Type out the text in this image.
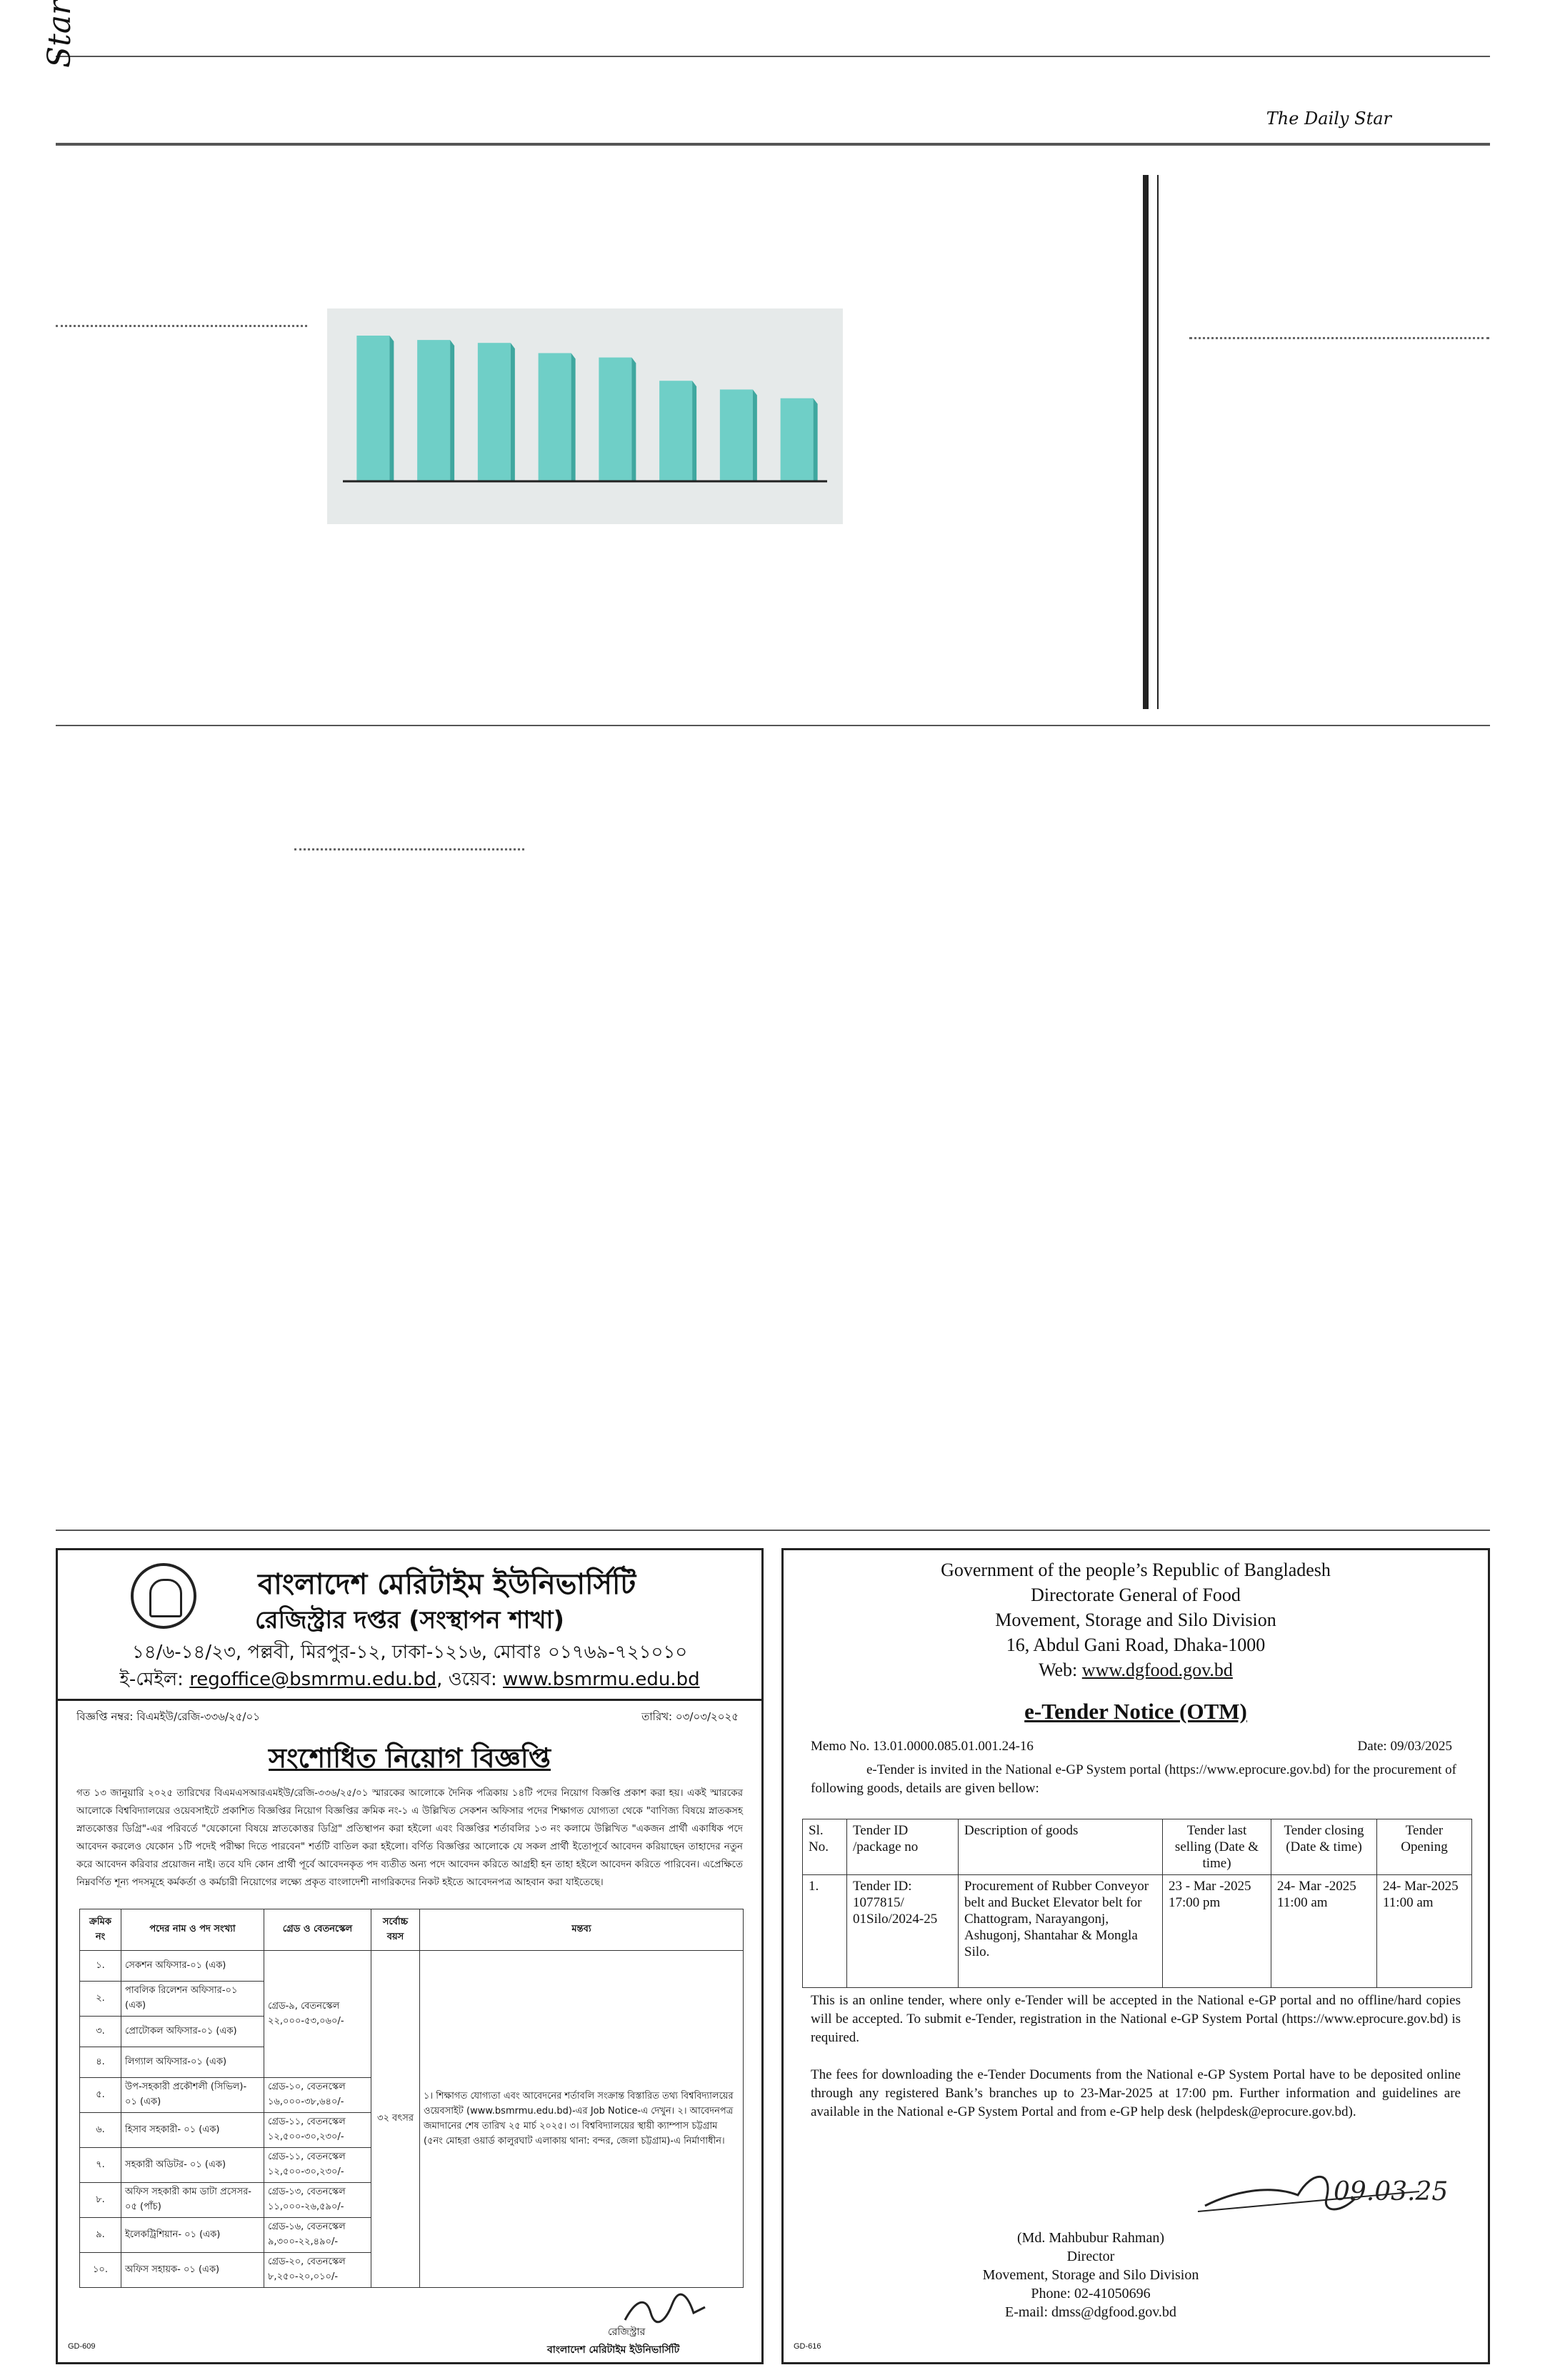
Star
The Daily Star
বাংলাদেশ মেরিটাইম ইউনিভার্সিটি
রেজিস্ট্রার দপ্তর (সংস্থাপন শাখা)
১৪/৬-১৪/২৩, পল্লবী, মিরপুর-১২, ঢাকা-১২১৬, মোবাঃ ০১৭৬৯-৭২১০১০
ই-মেইল: regoffice@bsmrmu.edu.bd, ওয়েব: www.bsmrmu.edu.bd
বিজ্ঞপ্তি নম্বর: বিএমইউ/রেজি-৩৩৬/২৫/০১	তারিখ: ০৩/০৩/২০২৫
সংশোধিত নিয়োগ বিজ্ঞপ্তি
গত ১৩ জানুয়ারি ২০২৫ তারিখের বিএমএসআরএমইউ/রেজি-৩৩৬/২৫/০১ স্মারকের আলোকে দৈনিক পত্রিকায় ১৪টি পদের নিয়োগ বিজ্ঞপ্তি প্রকাশ করা হয়। একই স্মারকের আলোকে বিশ্ববিদ্যালয়ের ওয়েবসাইটে প্রকাশিত বিজ্ঞপ্তির নিয়োগ বিজ্ঞপ্তির ক্রমিক নং-১ এ উল্লিখিত সেকশন অফিসার পদের শিক্ষাগত যোগ্যতা থেকে "বাণিজ্য বিষয়ে স্নাতকসহ স্নাতকোত্তর ডিগ্রি"-এর পরিবর্তে "যেকোনো বিষয়ে স্নাতকোত্তর ডিগ্রি" প্রতিস্থাপন করা হইলো এবং বিজ্ঞপ্তির শর্তাবলির ১৩ নং কলামে উল্লিখিত "একজন প্রার্থী একাধিক পদে আবেদন করলেও যেকোন ১টি পদেই পরীক্ষা দিতে পারবেন" শর্তটি বাতিল করা হইলো। বর্ণিত বিজ্ঞপ্তির আলোকে যে সকল প্রার্থী ইতোপূর্বে আবেদন করিয়াছেন তাহাদের নতুন করে আবেদন করিবার প্রয়োজন নাই। তবে যদি কোন প্রার্থী পূর্বে আবেদনকৃত পদ ব্যতীত অন্য পদে আবেদন করিতে আগ্রহী হন তাহা হইলে আবেদন করিতে পারিবেন। এপ্রেক্ষিতে নিম্নবর্ণিত শূন্য পদসমূহে কর্মকর্তা ও কর্মচারী নিয়োগের লক্ষ্যে প্রকৃত বাংলাদেশী নাগরিকদের নিকট হইতে আবেদনপত্র আহবান করা যাইতেছে।
ক্রমিক নং	পদের নাম ও পদ সংখ্যা	গ্রেড ও বেতনস্কেল	সর্বোচ্চ বয়স	মন্তব্য
১.	সেকশন অফিসার-০১ (এক)	গ্রেড-৯, বেতনস্কেল ২২,০০০-৫৩,০৬০/-	৩২ বৎসর	১। শিক্ষাগত যোগ্যতা এবং আবেদনের শর্তাবলি সংক্রান্ত বিস্তারিত তথ্য বিশ্ববিদ্যালয়ের ওয়েবসাইট (www.bsmrmu.edu.bd)-এর Job Notice-এ দেখুন। ২। আবেদনপত্র জমাদানের শেষ তারিখ ২৫ মার্চ ২০২৫। ৩। বিশ্ববিদ্যালয়ের স্থায়ী ক্যাম্পাস চট্টগ্রাম (৫নং মোহরা ওয়ার্ড কালুরঘাট এলাকায় থানা: বন্দর, জেলা চট্টগ্রাম)-এ নির্মাণাধীন।
২.	পাবলিক রিলেশন অফিসার-০১ (এক)			
৩.	প্রোটোকল অফিসার-০১ (এক)			
৪.	লিগ্যাল অফিসার-০১ (এক)			
৫.	উপ-সহকারী প্রকৌশলী (সিভিল)- ০১ (এক)	গ্রেড-১০, বেতনস্কেল ১৬,০০০-৩৮,৬৪০/-		
৬.	হিসাব সহকারী- ০১ (এক)	গ্রেড-১১, বেতনস্কেল ১২,৫০০-৩০,২৩০/-		
৭.	সহকারী অডিটর- ০১ (এক)	গ্রেড-১১, বেতনস্কেল ১২,৫০০-৩০,২৩০/-		
৮.	অফিস সহকারী কাম ডাটা প্রসেসর- ০৫ (পাঁচ)	গ্রেড-১৩, বেতনস্কেল ১১,০০০-২৬,৫৯০/-		
৯.	ইলেকট্রিশিয়ান- ০১ (এক)	গ্রেড-১৬, বেতনস্কেল ৯,৩০০-২২,৪৯০/-		
১০.	অফিস সহায়ক- ০১ (এক)	গ্রেড-২০, বেতনস্কেল ৮,২৫০-২০,০১০/-		
রেজিস্ট্রার
বাংলাদেশ মেরিটাইম ইউনিভার্সিটি
GD-609
Government of the people’s Republic of Bangladesh
Directorate General of Food
Movement, Storage and Silo Division
16, Abdul Gani Road, Dhaka-1000
Web: www.dgfood.gov.bd
e-Tender Notice (OTM)
Memo No. 13.01.0000.085.01.001.24-16	Date: 09/03/2025
e-Tender is invited in the National e-GP System portal (https://www.eprocure.gov.bd) for the procurement of following goods, details are given bellow:
Sl. No.	Tender ID /package no	Description of goods	Tender last selling (Date & time)	Tender closing (Date & time)	Tender Opening
1.	Tender ID: 1077815/ 01Silo/2024-25	Procurement of Rubber Conveyor belt and Bucket Elevator belt for Chattogram, Narayangonj, Ashugonj, Shantahar & Mongla Silo.	23 - Mar -2025 17:00 pm	24- Mar -2025 11:00 am	24- Mar-2025 11:00 am
This is an online tender, where only e-Tender will be accepted in the National e-GP portal and no offline/hard copies will be accepted. To submit e-Tender, registration in the National e-GP System Portal (https://www.eprocure.gov.bd) is required.
The fees for downloading the e-Tender Documents from the National e-GP System Portal have to be deposited online through any registered Bank’s branches up to 23-Mar-2025 at 17:00 pm. Further information and guidelines are available in the National e-GP System Portal and from e-GP help desk (helpdesk@eprocure.gov.bd).
09.03.25
(Md. Mahbubur Rahman)
Director
Movement, Storage and Silo Division
Phone: 02-41050696
E-mail: dmss@dgfood.gov.bd
GD-616
